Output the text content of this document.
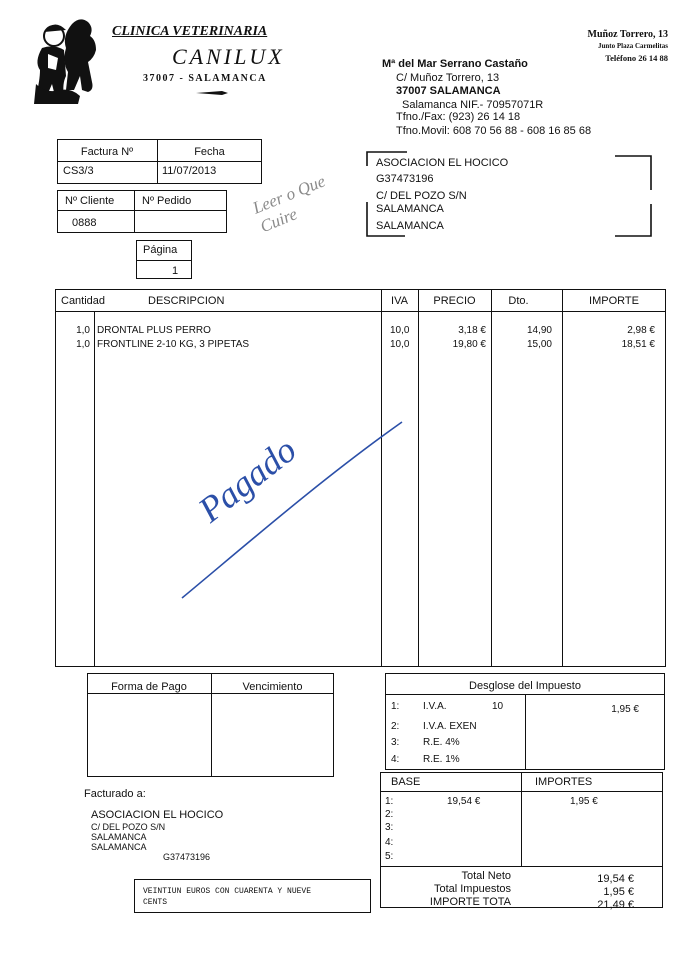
CLINICA VETERINARIA
CANILUX
37007 - SALAMANCA
Muñoz Torrero, 13
Junto Plaza Carmelitas
Teléfono 26 14 88
Mª del Mar Serrano Castaño
C/ Muñoz Torrero, 13
37007 SALAMANCA
Salamanca NIF.- 70957071R
Tfno./Fax: (923) 26 14 18
Tfno.Movil: 608 70 56 88 - 608 16 85 68
Factura Nº	Fecha
CS3/3	11/07/2013
Nº Cliente	Nº Pedido
0888
Página
1
ASOCIACION EL HOCICO
G37473196
C/ DEL POZO S/N
SALAMANCA
SALAMANCA
Leer o Que Cuire
Cantidad	DESCRIPCION	IVA	PRECIO	Dto.	IMPORTE
1,0 DRONTAL PLUS PERRO	10,0	3,18 €	14,90	2,98 €
1,0 FRONTLINE 2-10 KG, 3 PIPETAS	10,0	19,80 €	15,00	18,51 €
Pagado
Forma de Pago	Vencimiento	Desglose del Impuesto
1: I.V.A.	10	1,95 €
2: I.V.A. EXEN
3: R.E. 4%
4: R.E. 1%
BASE	IMPORTES
1:	19,54 €	1,95 €
2:
3:
4:
5:
Total Neto	19,54 €
Total Impuestos	1,95 €
IMPORTE TOTA	21,49 €
Facturado a:
ASOCIACION EL HOCICO
C/ DEL POZO S/N
SALAMANCA
SALAMANCA
G37473196
VEINTIUN EUROS CON CUARENTA Y NUEVE
CENTS
